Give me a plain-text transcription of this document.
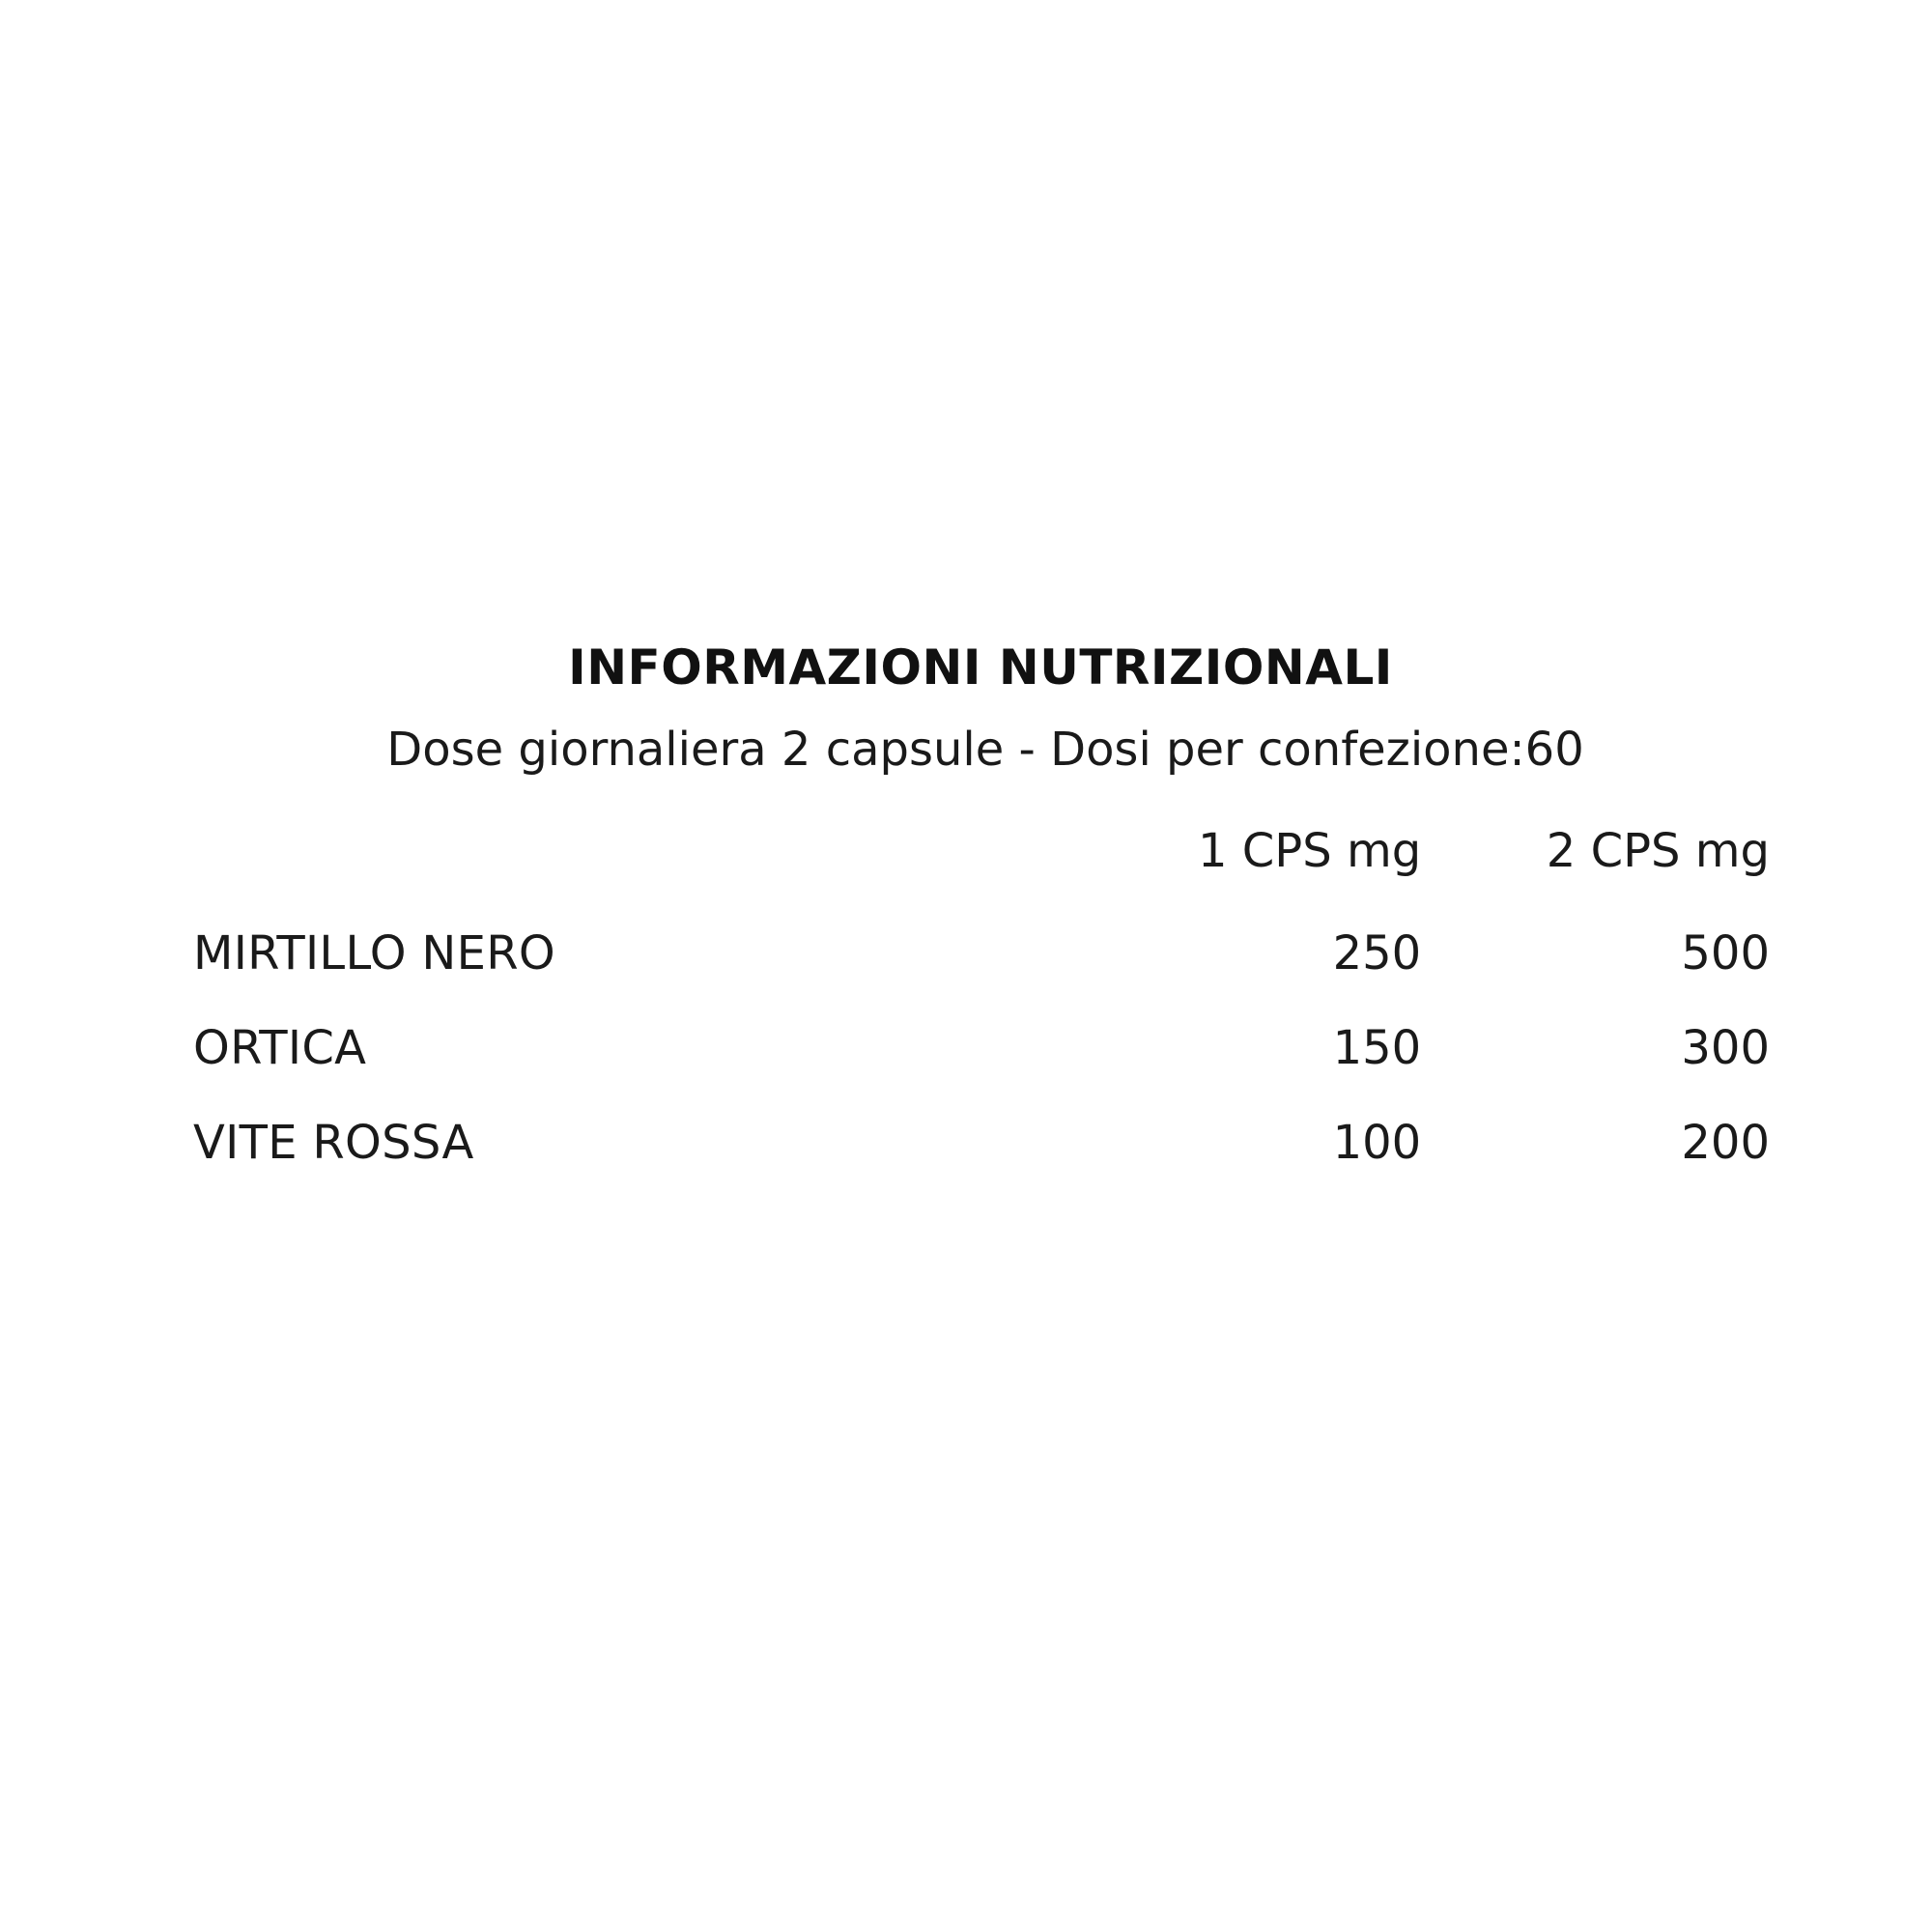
INFORMAZIONI NUTRIZIONALI
Dose giornaliera 2 capsule - Dosi per confezione:60
	1 CPS mg	2 CPS mg
MIRTILLO NERO	250	500
ORTICA	150	300
VITE ROSSA	100	200
